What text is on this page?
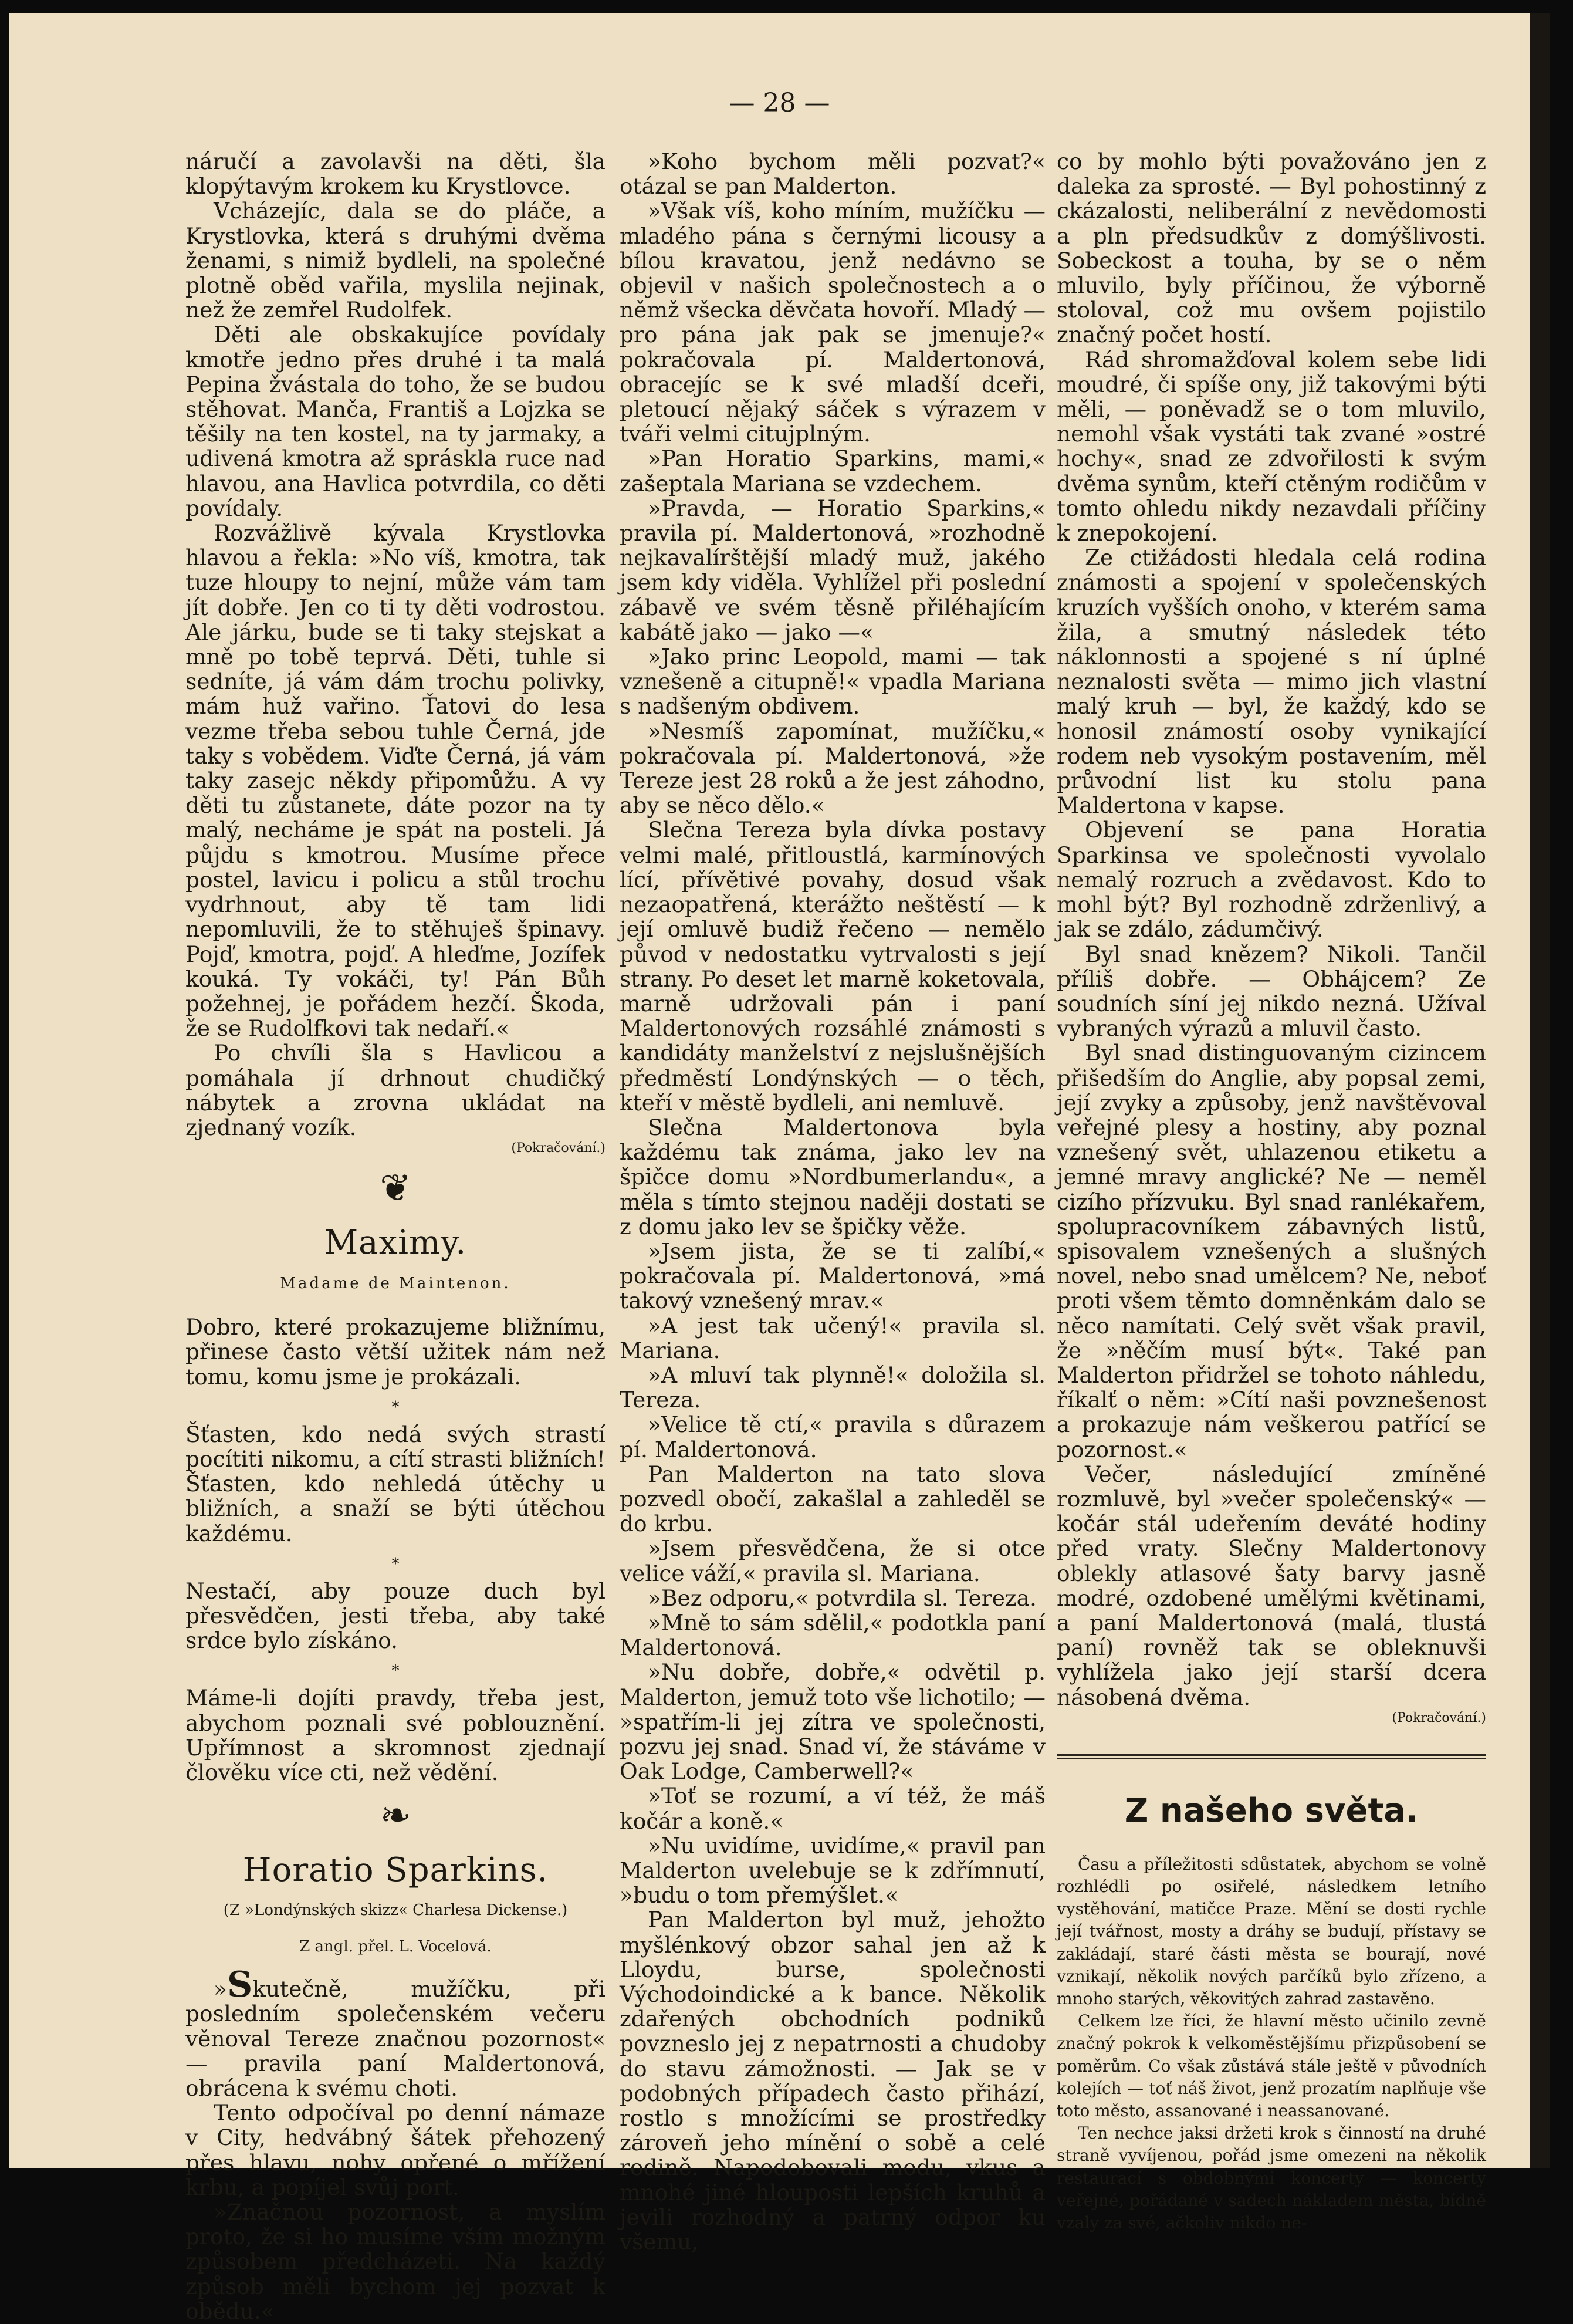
— 28 —

náručí a zavolavši na děti, šla klopýtavým krokem ku Krystlovce.

Vcházejíc, dala se do pláče, a Krystlovka, která s druhými dvěma ženami, s nimiž bydleli, na společné plotně oběd vařila, myslila nejinak, než že zemřel Rudolfek.

Děti ale obskakujíce povídaly kmotře jedno přes druhé i ta malá Pepina žvástala do toho, že se budou stěhovat. Manča, Františ a Lojzka se těšily na ten kostel, na ty jarmaky, a udivená kmotra až spráskla ruce nad hlavou, ana Havlica potvrdila, co děti povídaly.

Rozvážlivě kývala Krystlovka hlavou a řekla: »No víš, kmotra, tak tuze hloupy to nejní, může vám tam jít dobře. Jen co ti ty děti vodrostou. Ale járku, bude se ti taky stejskat a mně po tobě teprvá. Děti, tuhle si sedníte, já vám dám trochu polivky, mám huž vařino. Ťatovi do lesa vezme třeba sebou tuhle Černá, jde taky s vobědem. Viďte Černá, já vám taky zasejc někdy připomůžu. A vy děti tu zůstanete, dáte pozor na ty malý, necháme je spát na posteli. Já půjdu s kmotrou. Musíme přece postel, lavicu i policu a stůl trochu vydrhnout, aby tě tam lidi nepomluvili, že to stěhuješ špinavy. Pojď, kmotra, pojď. A hleďme, Jozífek kouká. Ty vokáči, ty! Pán Bůh požehnej, je pořádem hezčí. Škoda, že se Rudolfkovi tak nedaří.«

Po chvíli šla s Havlicou a pomáhala jí drhnout chudičký nábytek a zrovna ukládat na zjednaný vozík.

(Pokračování.)

❦
Maximy.
Madame de Maintenon.

Dobro, které prokazujeme bližnímu, přinese často větší užitek nám než tomu, komu jsme je prokázali.

*

Šťasten, kdo nedá svých strastí pocítiti nikomu, a cítí strasti bližních! Šťasten, kdo nehledá útěchy u bližních, a snaží se býti útěchou každému.

*

Nestačí, aby pouze duch byl přesvědčen, jesti třeba, aby také srdce bylo získáno.

*

Máme-li dojíti pravdy, třeba jest, abychom poznali své poblouznění. Upřímnost a skromnost zjednají člověku více cti, než vědění.

❧
Horatio Sparkins.
(Z »Londýnských skizz« Charlesa Dickense.)
Z angl. přel. L. Vocelová.

»Skutečně, mužíčku, při posledním společenském večeru věnoval Tereze značnou pozornost« — pravila paní Maldertonová, obrácena k svému choti.

Tento odpočíval po denní námaze v City, hedvábný šátek přehozený přes hlavu, nohy opřené o mřížení krbu, a popíjel svůj port.

»Značnou pozornost, a myslím proto, že si ho musíme vším možným způsobem předcházeti. Na každý způsob měli bychom jej pozvat k obědu.«

»Koho bychom měli pozvat?« otázal se pan Malderton.

»Však víš, koho míním, mužíčku — mladého pána s černými licousy a bílou kravatou, jenž nedávno se objevil v našich společnostech a o němž všecka děvčata hovoří. Mladý — pro pána jak pak se jmenuje?« pokračovala pí. Maldertonová, obracejíc se k své mladší dceři, pletoucí nějaký sáček s výrazem v tváři velmi citujplným.

»Pan Horatio Sparkins, mami,« zašeptala Mariana se vzdechem.

»Pravda, — Horatio Sparkins,« pravila pí. Maldertonová, »rozhodně nejkavalírštější mladý muž, jakého jsem kdy viděla. Vyhlížel při poslední zábavě ve svém těsně přiléhajícím kabátě jako — jako —«

»Jako princ Leopold, mami — tak vznešeně a citupně!« vpadla Mariana s nadšeným obdivem.

»Nesmíš zapomínat, mužíčku,« pokračovala pí. Maldertonová, »že Tereze jest 28 roků a že jest záhodno, aby se něco dělo.«

Slečna Tereza byla dívka postavy velmi malé, přitloustlá, karmínových lící, přívětivé povahy, dosud však nezaopatřená, kterážto neštěstí — k její omluvě budiž řečeno — nemělo původ v nedostatku vytrvalosti s její strany. Po deset let marně koketovala, marně udržovali pán i paní Maldertonových rozsáhlé známosti s kandidáty manželství z nejslušnějších předměstí Londýnských — o těch, kteří v městě bydleli, ani nemluvě.

Slečna Maldertonova byla každému tak známa, jako lev na špičce domu »Nordbumerlandu«, a měla s tímto stejnou naději dostati se z domu jako lev se špičky věže.

»Jsem jista, že se ti zalíbí,« pokračovala pí. Maldertonová, »má takový vznešený mrav.«

»A jest tak učený!« pravila sl. Mariana.

»A mluví tak plynně!« doložila sl. Tereza.

»Velice tě ctí,« pravila s důrazem pí. Maldertonová.

Pan Malderton na tato slova pozvedl obočí, zakašlal a zahleděl se do krbu.

»Jsem přesvědčena, že si otce velice váží,« pravila sl. Mariana.

»Bez odporu,« potvrdila sl. Tereza.

»Mně to sám sdělil,« podotkla paní Maldertonová.

»Nu dobře, dobře,« odvětil p. Malderton, jemuž toto vše lichotilo; — »spatřím-li jej zítra ve společnosti, pozvu jej snad. Snad ví, že stáváme v Oak Lodge, Camberwell?«

»Toť se rozumí, a ví též, že máš kočár a koně.«

»Nu uvidíme, uvidíme,« pravil pan Malderton uvelebuje se k zdřímnutí, »budu o tom přemýšlet.«

Pan Malderton byl muž, jehožto myšlénkový obzor sahal jen až k Lloydu, burse, společnosti Východoindické a k bance. Několik zdařených obchodních podniků povzneslo jej z nepatrnosti a chudoby do stavu zámožnosti. — Jak se v podobných případech často přihází, rostlo s množícími se prostředky zároveň jeho mínění o sobě a celé rodině. Napodobovali modu, vkus a mnohé jiné hlouposti lepších kruhů a jevili rozhodný a patrný odpor ku všemu,

co by mohlo býti považováno jen z daleka za sprosté. — Byl pohostinný z ckázalosti, neliberální z nevědomosti a pln předsudkův z domýšlivosti. Sobeckost a touha, by se o něm mluvilo, byly příčinou, že výborně stoloval, což mu ovšem pojistilo značný počet hostí.

Rád shromažďoval kolem sebe lidi moudré, či spíše ony, již takovými býti měli, — poněvadž se o tom mluvilo, nemohl však vystáti tak zvané »ostré hochy«, snad ze zdvořilosti k svým dvěma synům, kteří ctěným rodičům v tomto ohledu nikdy nezavdali příčiny k znepokojení.

Ze ctižádosti hledala celá rodina známosti a spojení v společenských kruzích vyšších onoho, v kterém sama žila, a smutný následek této náklonnosti a spojené s ní úplné neznalosti světa — mimo jich vlastní malý kruh — byl, že každý, kdo se honosil známostí osoby vynikající rodem neb vysokým postavením, měl průvodní list ku stolu pana Maldertona v kapse.

Objevení se pana Horatia Sparkinsa ve společnosti vyvolalo nemalý rozruch a zvědavost. Kdo to mohl být? Byl rozhodně zdrženlivý, a jak se zdálo, zádumčivý.

Byl snad knězem? Nikoli. Tančil příliš dobře. — Obhájcem? Ze soudních síní jej nikdo nezná. Užíval vybraných výrazů a mluvil často.

Byl snad distinguovaným cizincem přišedším do Anglie, aby popsal zemi, její zvyky a způsoby, jenž navštěvoval veřejné plesy a hostiny, aby poznal vznešený svět, uhlazenou etiketu a jemné mravy anglické? Ne — neměl cizího přízvuku. Byl snad ranlékařem, spolupracovníkem zábavných listů, spisovalem vznešených a slušných novel, nebo snad umělcem? Ne, neboť proti všem těmto domněnkám dalo se něco namítati. Celý svět však pravil, že »něčím musí být«. Také pan Malderton přidržel se tohoto náhledu, říkalť o něm: »Cítí naši povznešenost a prokazuje nám veškerou patřící se pozornost.«

Večer, následující zmíněné rozmluvě, byl »večer společenský« — kočár stál udeřením deváté hodiny před vraty. Slečny Maldertonovy oblekly atlasové šaty barvy jasně modré, ozdobené umělými květinami, a paní Maldertonová (malá, tlustá paní) rovněž tak se obleknuvši vyhlížela jako její starší dcera násobená dvěma.

(Pokračování.)

Z našeho světa.

Času a příležitosti sdůstatek, abychom se volně rozhlédli po osiřelé, následkem letního vystěhování, matičce Praze. Mění se dosti rychle její tvářnost, mosty a dráhy se budují, přístavy se zakládají, staré části města se bourají, nové vznikají, několik nových parčíků bylo zřízeno, a mnoho starých, věkovitých zahrad zastavěno.

Celkem lze říci, že hlavní město učinilo zevně značný pokrok k velkoměstějšímu přizpůsobení se poměrům. Co však zůstává stále ještě v původních kolejích — toť náš život, jenž prozatím naplňuje vše toto město, assanované i neassanované.

Ten nechce jaksi držeti krok s činností na druhé straně vyvíjenou, pořád jsme omezeni na několik restaurací s obdobnými koncerty — koncerty veřejné, pořádané v sadech nákladem města, bídně vzaly za své, ačkoliv nikdo ne-
